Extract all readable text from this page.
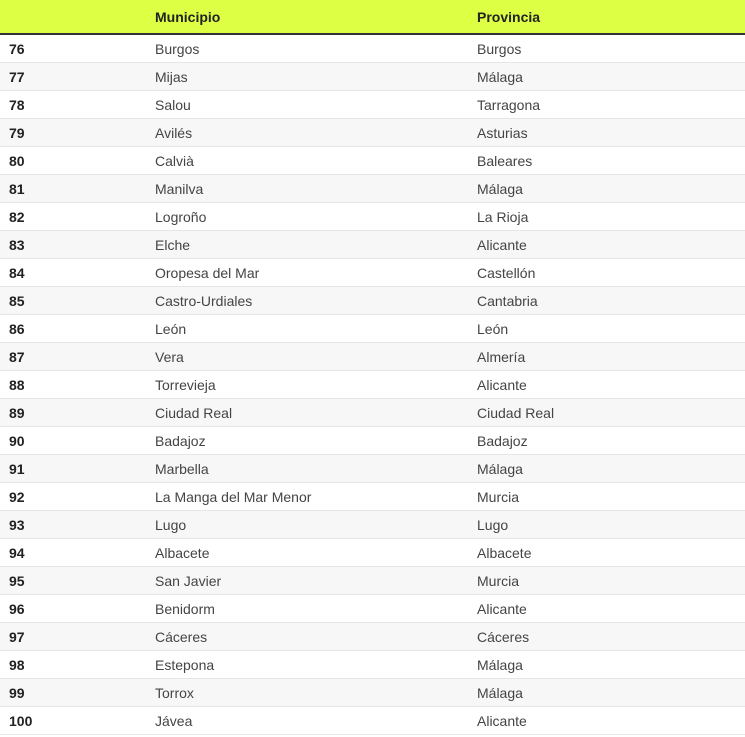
	Municipio	Provincia
76	Burgos	Burgos
77	Mijas	Málaga
78	Salou	Tarragona
79	Avilés	Asturias
80	Calvià	Baleares
81	Manilva	Málaga
82	Logroño	La Rioja
83	Elche	Alicante
84	Oropesa del Mar	Castellón
85	Castro-Urdiales	Cantabria
86	León	León
87	Vera	Almería
88	Torrevieja	Alicante
89	Ciudad Real	Ciudad Real
90	Badajoz	Badajoz
91	Marbella	Málaga
92	La Manga del Mar Menor	Murcia
93	Lugo	Lugo
94	Albacete	Albacete
95	San Javier	Murcia
96	Benidorm	Alicante
97	Cáceres	Cáceres
98	Estepona	Málaga
99	Torrox	Málaga
100	Jávea	Alicante
